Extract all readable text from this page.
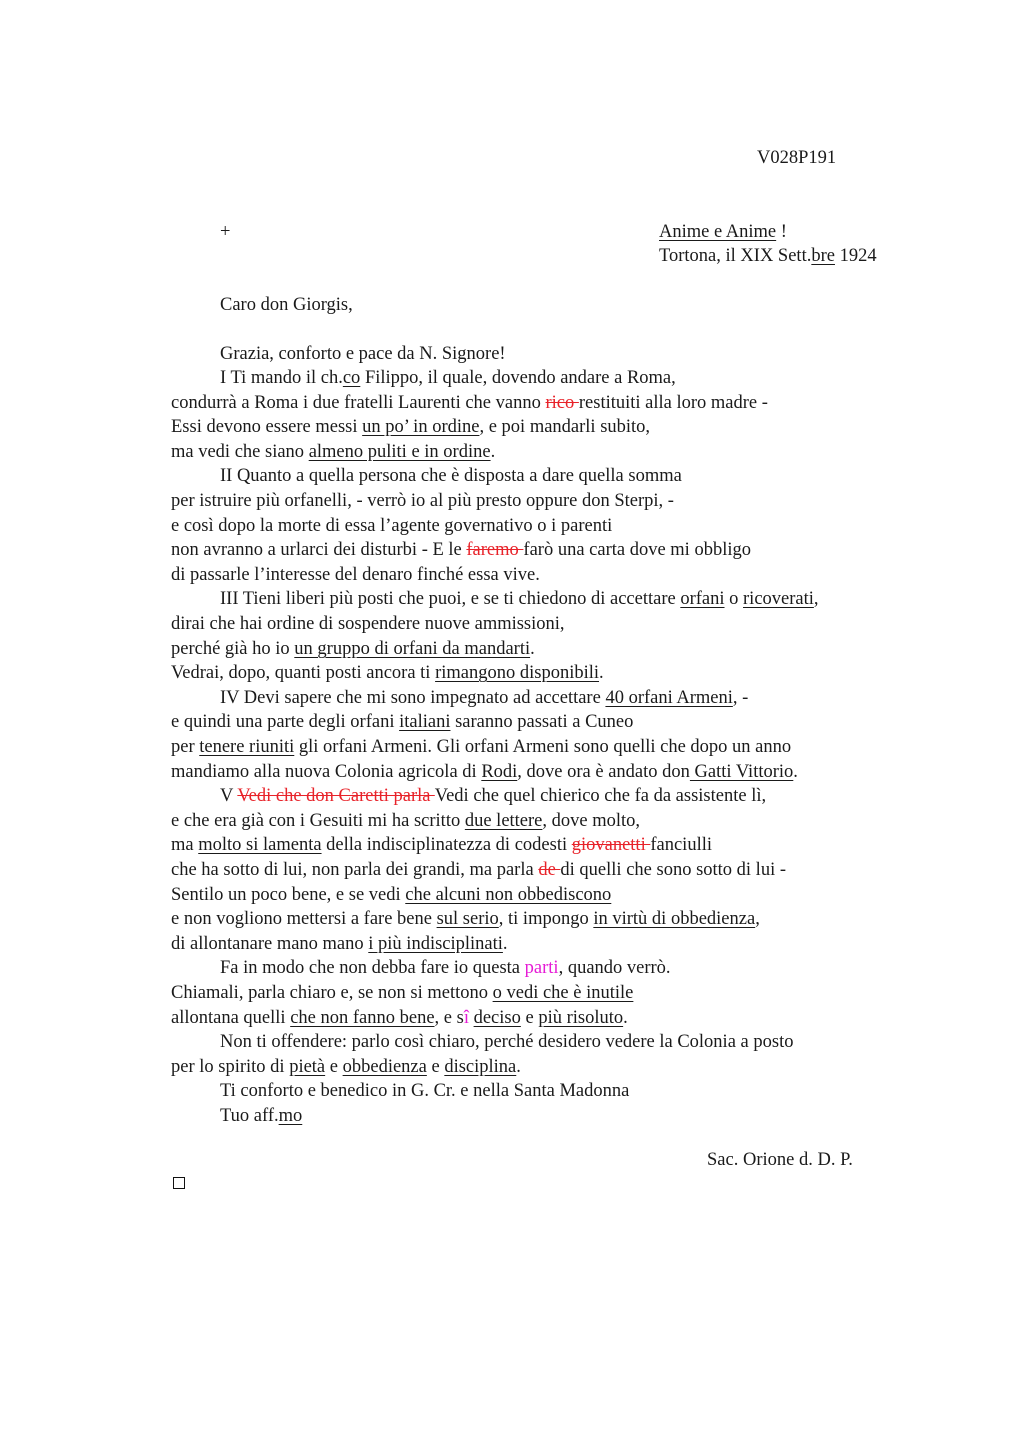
V028P191
+	Anime e Anime !
Tortona, il XIX Sett.bre 1924
Caro don Giorgis,
Grazia, conforto e pace da N. Signore!
I Ti mando il ch.co Filippo, il quale, dovendo andare a Roma,
condurrà a Roma i due fratelli Laurenti che vanno rico restituiti alla loro madre -
Essi devono essere messi un po’ in ordine, e poi mandarli subito,
ma vedi che siano almeno puliti e in ordine.
II Quanto a quella persona che è disposta a dare quella somma
per istruire più orfanelli, - verrò io al più presto oppure don Sterpi, -
e così dopo la morte di essa l’agente governativo o i parenti
non avranno a urlarci dei disturbi - E le faremo farò una carta dove mi obbligo
di passarle l’interesse del denaro finché essa vive.
III Tieni liberi più posti che puoi, e se ti chiedono di accettare orfani o ricoverati,
dirai che hai ordine di sospendere nuove ammissioni,
perché già ho io un gruppo di orfani da mandarti.
Vedrai, dopo, quanti posti ancora ti rimangono disponibili.
IV Devi sapere che mi sono impegnato ad accettare 40 orfani Armeni, -
e quindi una parte degli orfani italiani saranno passati a Cuneo
per tenere riuniti gli orfani Armeni. Gli orfani Armeni sono quelli che dopo un anno
mandiamo alla nuova Colonia agricola di Rodi, dove ora è andato don Gatti Vittorio.
V Vedi che don Caretti parla Vedi che quel chierico che fa da assistente lì,
e che era già con i Gesuiti mi ha scritto due lettere, dove molto,
ma molto si lamenta della indisciplinatezza di codesti giovanetti fanciulli
che ha sotto di lui, non parla dei grandi, ma parla de di quelli che sono sotto di lui -
Sentilo un poco bene, e se vedi che alcuni non obbediscono
e non vogliono mettersi a fare bene sul serio, ti impongo in virtù di obbedienza,
di allontanare mano mano i più indisciplinati.
Fa in modo che non debba fare io questa parti, quando verrò.
Chiamali, parla chiaro e, se non si mettono o vedi che è inutile
allontana quelli che non fanno bene, e sî deciso e più risoluto.
Non ti offendere: parlo così chiaro, perché desidero vedere la Colonia a posto
per lo spirito di pietà e obbedienza e disciplina.
Ti conforto e benedico in G. Cr. e nella Santa Madonna
Tuo aff.mo
Sac. Orione d. D. P.
